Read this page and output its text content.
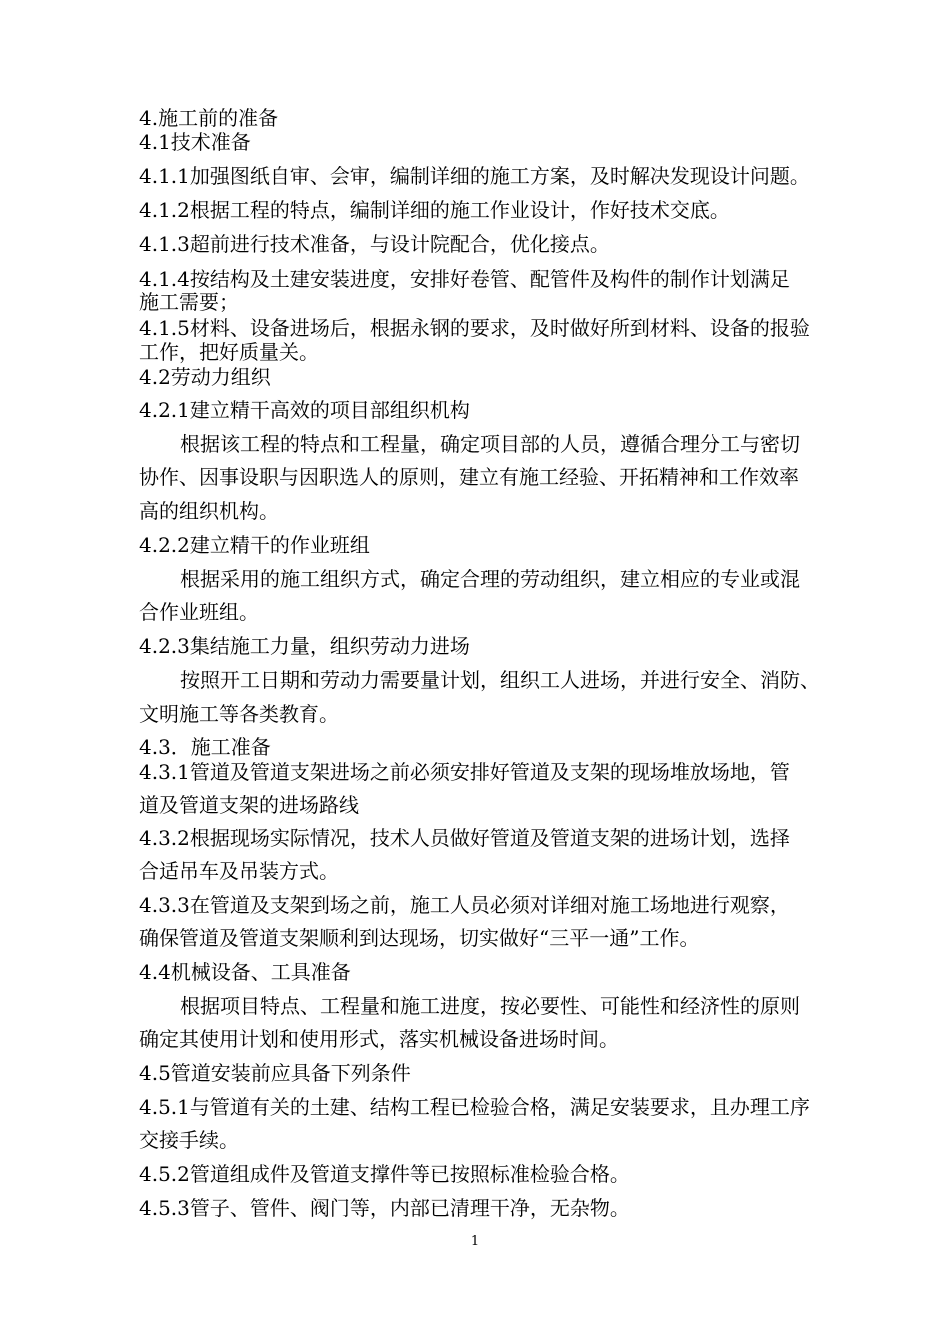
4.施工前的准备

4.1技术准备

4.1.1加强图纸自审、会审，编制详细的施工方案，及时解决发现设计问题。

4.1.2根据工程的特点，编制详细的施工作业设计，作好技术交底。

4.1.3超前进行技术准备，与设计院配合，优化接点。

4.1.4按结构及土建安装进度，安排好卷管、配管件及构件的制作计划满足

施工需要；

4.1.5材料、设备进场后，根据永钢的要求，及时做好所到材料、设备的报验

工作，把好质量关。

4.2劳动力组织

4.2.1建立精干高效的项目部组织机构

根据该工程的特点和工程量，确定项目部的人员，遵循合理分工与密切

协作、因事设职与因职选人的原则，建立有施工经验、开拓精神和工作效率

高的组织机构。

4.2.2建立精干的作业班组

根据采用的施工组织方式，确定合理的劳动组织，建立相应的专业或混

合作业班组。

4.2.3集结施工力量，组织劳动力进场

按照开工日期和劳动力需要量计划，组织工人进场，并进行安全、消防、

文明施工等各类教育。

4.3．施工准备

4.3.1管道及管道支架进场之前必须安排好管道及支架的现场堆放场地，管

道及管道支架的进场路线

4.3.2根据现场实际情况，技术人员做好管道及管道支架的进场计划，选择

合适吊车及吊装方式。

4.3.3在管道及支架到场之前，施工人员必须对详细对施工场地进行观察，

确保管道及管道支架顺利到达现场，切实做好“三平一通”工作。

4.4机械设备、工具准备

根据项目特点、工程量和施工进度，按必要性、可能性和经济性的原则

确定其使用计划和使用形式，落实机械设备进场时间。

4.5管道安装前应具备下列条件

4.5.1与管道有关的土建、结构工程已检验合格，满足安装要求，且办理工序

交接手续。

4.5.2管道组成件及管道支撑件等已按照标准检验合格。

4.5.3管子、管件、阀门等，内部已清理干净，无杂物。

1
